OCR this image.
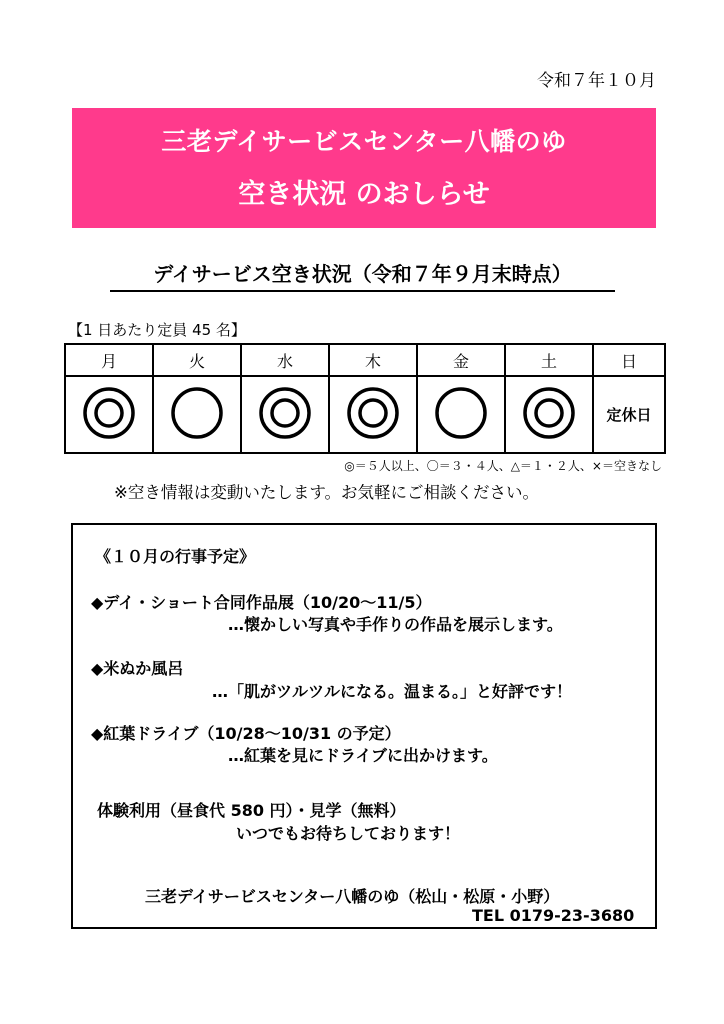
令和７年１０月
三老デイサービスセンター八幡のゆ
空き状況 のおしらせ
デイサービス空き状況（令和７年９月末時点）
【1 日あたり定員 45 名】
月	火	水	木	金	土	日
						定休日
◎＝５人以上、〇＝３・４人、△＝１・２人、×＝空きなし
※空き情報は変動いたします。お気軽にご相談ください。
《１０月の行事予定》
◆デイ・ショート合同作品展（10/20～11/5）
…懐かしい写真や手作りの作品を展示します。
◆米ぬか風呂
…「肌がツルツルになる。温まる。」と好評です！
◆紅葉ドライブ（10/28～10/31 の予定）
…紅葉を見にドライブに出かけます。
体験利用（昼食代 580 円）・見学（無料）
いつでもお待ちしております！
三老デイサービスセンター八幡のゆ（松山・松原・小野）
TEL 0179-23-3680
